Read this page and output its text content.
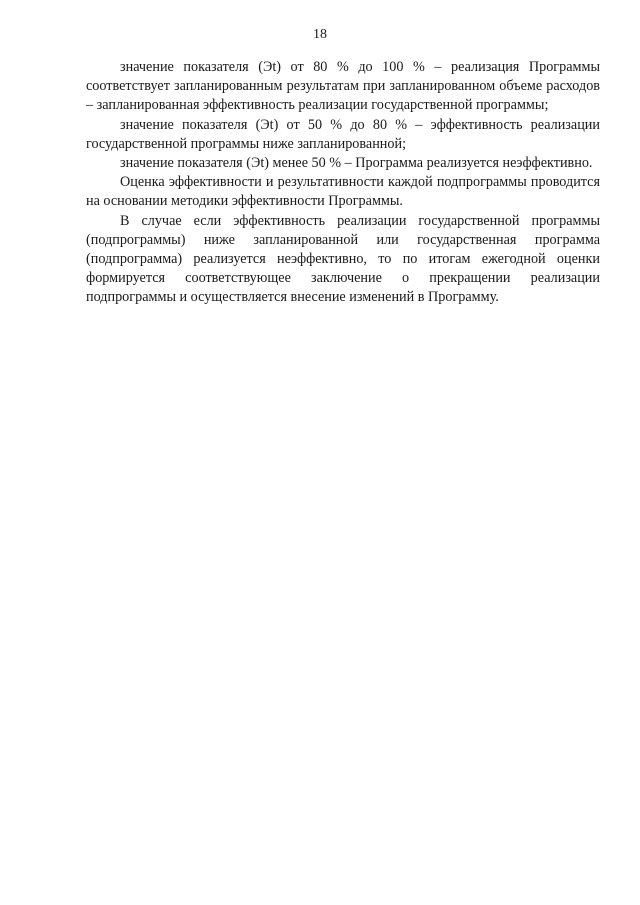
18

значение показателя (Эt) от 80 % до 100 % – реализация Программы соответствует запланированным результатам при запланированном объеме расходов – запланированная эффективность реализации государственной программы;

значение показателя (Эt) от 50 % до 80 % – эффективность реализации государственной программы ниже запланированной;

значение показателя (Эt) менее 50 % – Программа реализуется неэффективно.

Оценка эффективности и результативности каждой подпрограммы проводится на основании методики эффективности Программы.

В случае если эффективность реализации государственной программы (подпрограммы) ниже запланированной или государственная программа (подпрограмма) реализуется неэффективно, то по итогам ежегодной оценки формируется соответствующее заключение о прекращении реализации подпрограммы и осуществляется внесение изменений в Программу.
